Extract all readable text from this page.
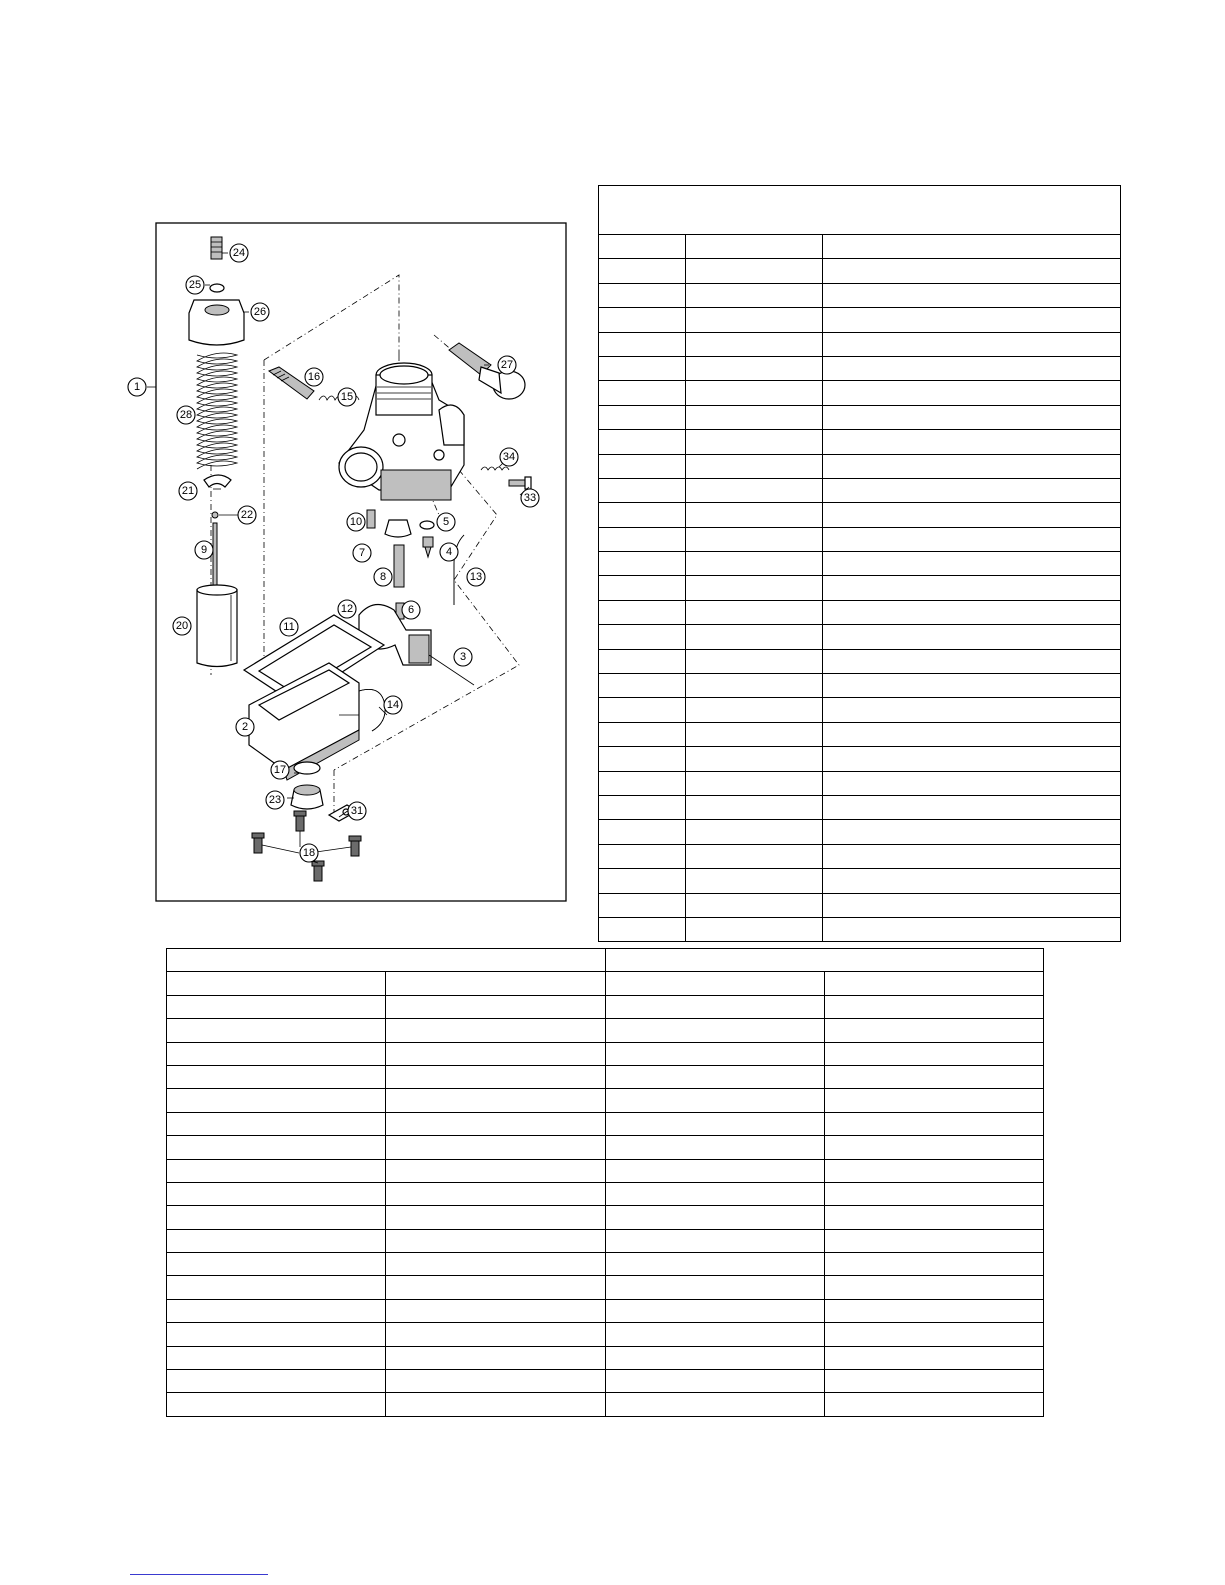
1
2
3
4
5
6
7
8
9
10
11
12
13
14
15
16
17
18
20
21
22
23
24
25
26
27
28
31
33
34
